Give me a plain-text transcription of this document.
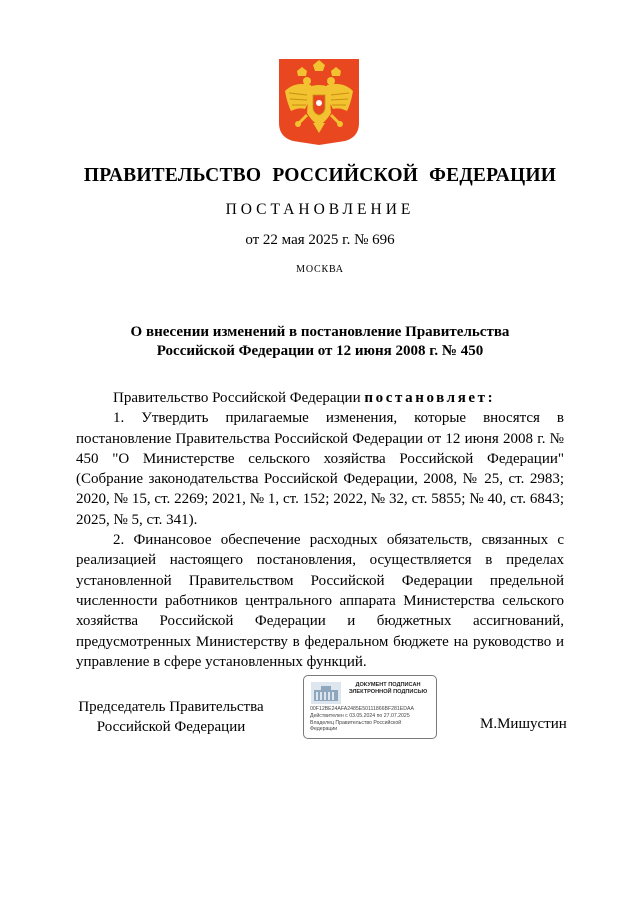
ПРАВИТЕЛЬСТВО РОССИЙСКОЙ ФЕДЕРАЦИИ
ПОСТАНОВЛЕНИЕ
от 22 мая 2025 г. № 696
МОСКВА
О внесении изменений в постановление Правительства
Российской Федерации от 12 июня 2008 г. № 450

Правительство Российской Федерации постановляет:

1. Утвердить прилагаемые изменения, которые вносятся в постановление Правительства Российской Федерации от 12 июня 2008 г. № 450 "О Министерстве сельского хозяйства Российской Федерации" (Собрание законодательства Российской Федерации, 2008, № 25, ст. 2983; 2020, № 15, ст. 2269; 2021, № 1, ст. 152; 2022, № 32, ст. 5855; № 40, ст. 6843; 2025, № 5, ст. 341).

2. Финансовое обеспечение расходных обязательств, связанных с реализацией настоящего постановления, осуществляется в пределах установленной Правительством Российской Федерации предельной численности работников центрального аппарата Министерства сельского хозяйства Российской Федерации и бюджетных ассигнований, предусмотренных Министерству в федеральном бюджете на руководство и управление в сфере установленных функций.

Председатель Правительства
Российской Федерации
ДОКУМЕНТ ПОДПИСАН
ЭЛЕКТРОННОЙ ПОДПИСЬЮ
00F12BE24AFA2485E50111866BF281EDAA
Действителен с 03.05.2024 по 27.07.2025
Владелец Правительство Российской
Федерации	М.Мишустин
